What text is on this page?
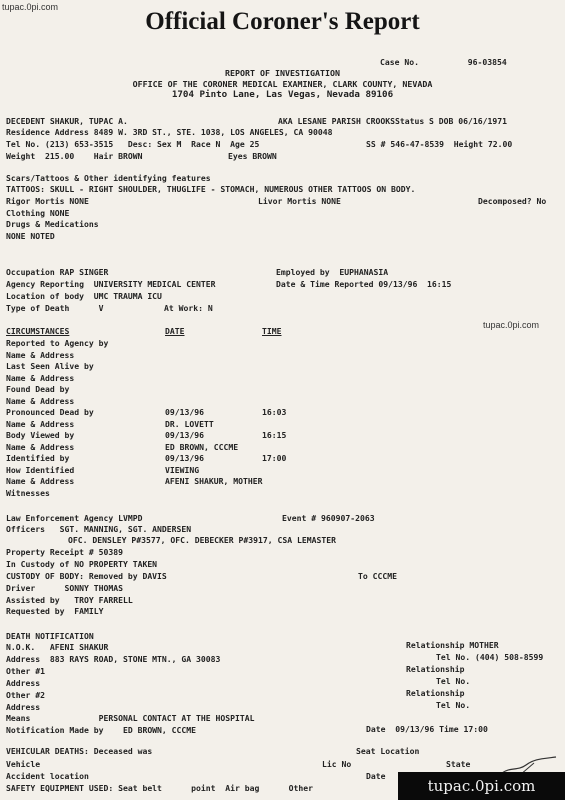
tupac.0pi.com
Official Coroner's Report
Case No.          96-03854
REPORT OF INVESTIGATION
OFFICE OF THE CORONER MEDICAL EXAMINER, CLARK COUNTY, NEVADA
1704 Pinto Lane, Las Vegas, Nevada 89106
DECEDENT SHAKUR, TUPAC A.	AKA LESANE PARISH CROOKSStatus S DOB 06/16/1971
Residence Address 8489 W. 3RD ST., STE. 1038, LOS ANGELES, CA 90048
Tel No. (213) 653-3515   Desc: Sex M  Race N  Age 25	SS # 546-47-8539  Height 72.00
Weight  215.00    Hair BROWN	Eyes BROWN
Scars/Tattoos & Other identifying features
TATTOOS: SKULL - RIGHT SHOULDER, THUGLIFE - STOMACH, NUMEROUS OTHER TATTOOS ON BODY.
Rigor Mortis NONE	Livor Mortis NONE	Decomposed? No
Clothing NONE
Drugs & Medications
NONE NOTED
Occupation RAP SINGER	Employed by  EUPHANASIA
Agency Reporting  UNIVERSITY MEDICAL CENTER	Date & Time Reported 09/13/96  16:15
Location of body  UMC TRAUMA ICU
Type of Death      V	At Work: N
tupac.0pi.com
CIRCUMSTANCES	DATE	TIME
Reported to Agency by
Name & Address
Last Seen Alive by
Name & Address
Found Dead by
Name & Address
Pronounced Dead by	09/13/96	16:03
Name & Address	DR. LOVETT
Body Viewed by	09/13/96	16:15
Name & Address	ED BROWN, CCCME
Identified by	09/13/96	17:00
How Identified	VIEWING
Name & Address	AFENI SHAKUR, MOTHER
Witnesses
Law Enforcement Agency LVMPD	Event # 960907-2063
Officers   SGT. MANNING, SGT. ANDERSEN
OFC. DENSLEY P#3577, OFC. DEBECKER P#3917, CSA LEMASTER
Property Receipt # 50389
In Custody of NO PROPERTY TAKEN
CUSTODY OF BODY: Removed by DAVIS	To CCCME
Driver      SONNY THOMAS
Assisted by   TROY FARRELL
Requested by  FAMILY
DEATH NOTIFICATION
N.O.K.   AFENI SHAKUR	Relationship MOTHER
Address  883 RAYS ROAD, STONE MTN., GA 30083	Tel No. (404) 508-8599
Other #1	Relationship
Address	Tel No.
Other #2	Relationship
Address	Tel No.
Means              PERSONAL CONTACT AT THE HOSPITAL
Notification Made by    ED BROWN, CCCME	Date  09/13/96 Time 17:00
VEHICULAR DEATHS: Deceased was	Seat Location
Vehicle	Lic No	State
Accident location	Date
SAFETY EQUIPMENT USED: Seat belt      point  Air bag      Other	tupac.0pi.com
